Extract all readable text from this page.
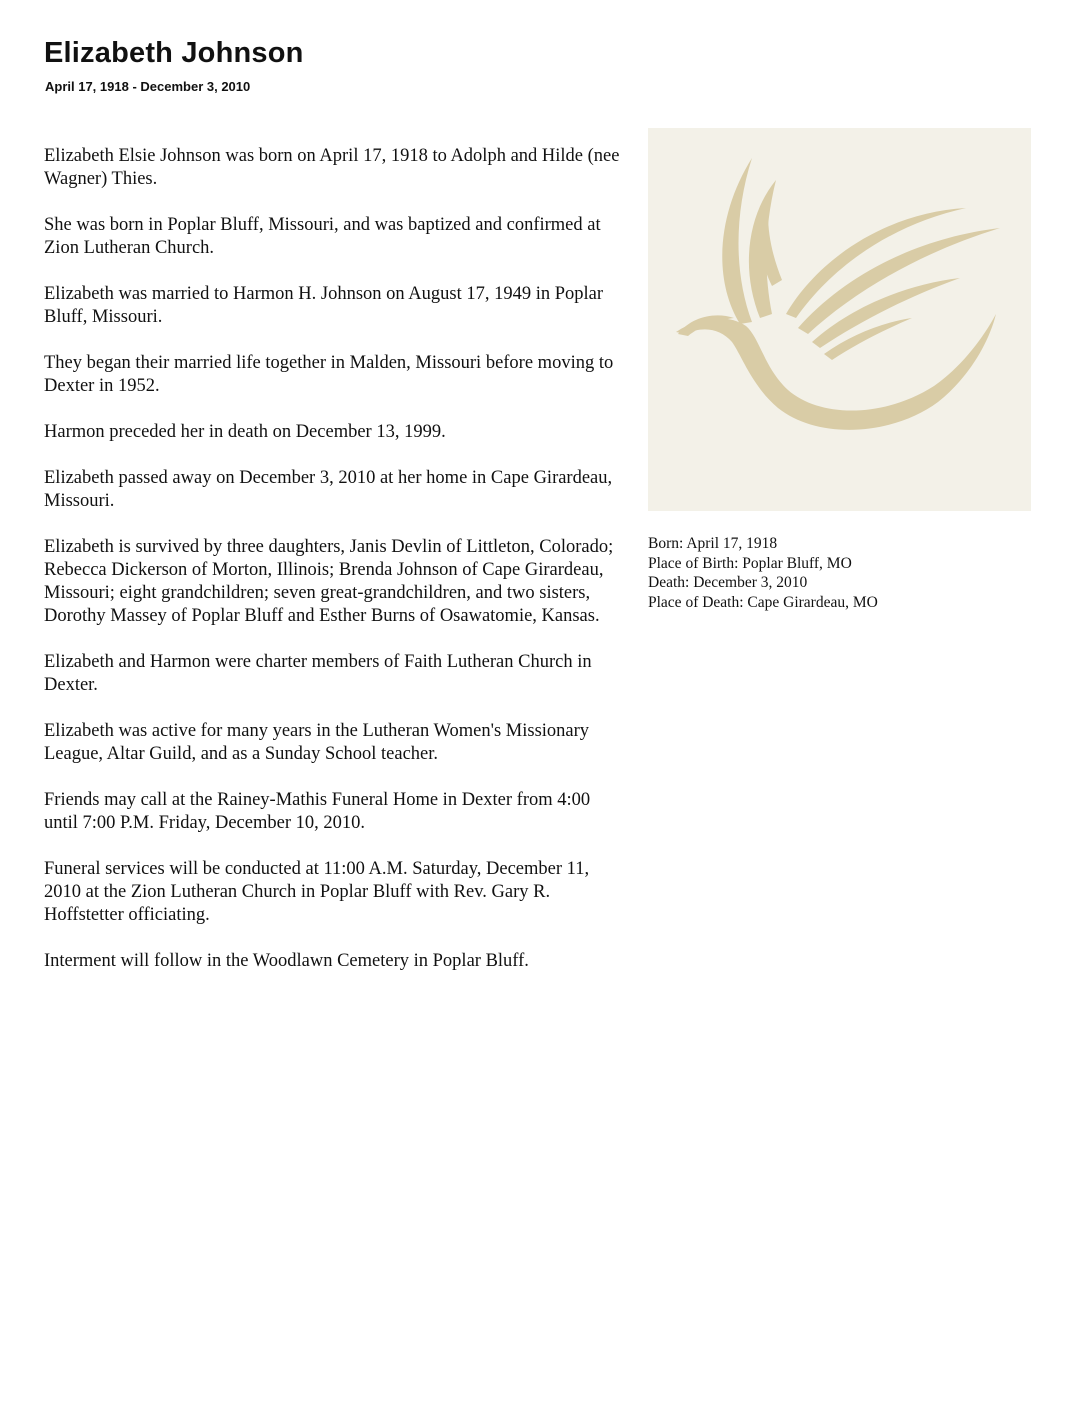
Elizabeth Johnson
April 17, 1918 - December 3, 2010

Elizabeth Elsie Johnson was born on April 17, 1918 to Adolph and Hilde (nee Wagner) Thies.

She was born in Poplar Bluff, Missouri, and was baptized and confirmed at Zion Lutheran Church.

Elizabeth was married to Harmon H. Johnson on August 17, 1949 in Poplar Bluff, Missouri.

They began their married life together in Malden, Missouri before moving to Dexter in 1952.

Harmon preceded her in death on December 13, 1999.

Elizabeth passed away on December 3, 2010 at her home in Cape Girardeau, Missouri.

Elizabeth is survived by three daughters, Janis Devlin of Littleton, Colorado; Rebecca Dickerson of Morton, Illinois; Brenda Johnson of Cape Girardeau, Missouri; eight grandchildren; seven great-grandchildren, and two sisters, Dorothy Massey of Poplar Bluff and Esther Burns of Osawatomie, Kansas.

Elizabeth and Harmon were charter members of Faith Lutheran Church in Dexter.

Elizabeth was active for many years in the Lutheran Women's Missionary League, Altar Guild, and as a Sunday School teacher.

Friends may call at the Rainey-Mathis Funeral Home in Dexter from 4:00 until 7:00 P.M. Friday, December 10, 2010.

Funeral services will be conducted at 11:00 A.M. Saturday, December 11, 2010 at the Zion Lutheran Church in Poplar Bluff with Rev. Gary R. Hoffstetter officiating.

Interment will follow in the Woodlawn Cemetery in Poplar Bluff.

Born: April 17, 1918
Place of Birth: Poplar Bluff, MO
Death: December 3, 2010
Place of Death: Cape Girardeau, MO
